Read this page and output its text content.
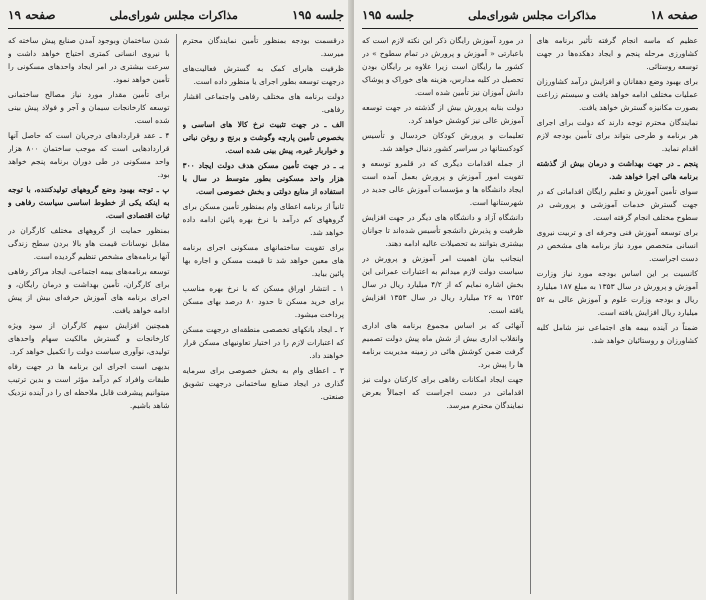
جلسه ۱۹۵
مذاکرات مجلس شورای‌ملی
صفحه ۱۹

درقسمت بودجه بمنظور تأمین نمایندگان محترم میرسد.

ظرفیت هابرای کمک به گسترش فعالیت‌های درجهت توسعه بطور اجرای یا منظور داده است.

دولت برنامه های مختلف رفاهی واجتماعی اقشار رفاهی.

الف ـ در جهت تثبیت نرخ کالا های اساسی و بخصوص تأمین پارچه وگوشت و برنج و روغن نباتی و خواربار غیره، پیش بینی شده است.

بـ ـ در جهت تأمین مسکن هدف دولت ایجاد ۳۰۰ هزار واحد مسکونی بطور متوسط در سال با استفاده از منابع دولتی و بخش خصوصی است.

ثانیاً از برنامه اعطای وام بمنظور تأمین مسکن برای گروههای کم درآمد با نرخ بهره پائین ادامه داده خواهد شد.

برای تقویت ساختمانهای مسکونی اجرای برنامه های معین خواهد شد تا قیمت مسکن و اجاره بها پائین بیاید.

۱ ـ انتشار اوراق مسکن که با نرخ بهره مناسب برای خرید مسکن تا حدود ۸۰ درصد بهای مسکن پرداخت میشود.

۲ ـ ایجاد بانکهای تخصصی منطقه‌ای درجهت مسکن که اعتبارات لازم را در اختیار تعاونیهای مسکن قرار خواهند داد.

۳ ـ اعطای وام به بخش خصوصی برای سرمایه گذاری در ایجاد صنایع ساختمانی درجهت تشویق صنعتی.

شدن ساختمان وبوجود آمدن صنایع پیش ساخته که با نیروی انسانی کمتری احتیاج خواهد داشت و سرعت بیشتری در امر ایجاد واحدهای مسکونی را تأمین خواهد نمود.

برای تأمین مقدار مورد نیاز مصالح ساختمانی توسعه کارخانجات سیمان و آجر و فولاد پیش بینی شده است.

۴ ـ عقد قراردادهای درجریان است که حاصل آنها قراردادهایی است که موجب ساختمان ۸۰۰ هزار واحد مسکونی در طی دوران برنامه پنجم خواهد بود.

پ ـ توجه بهبود وضع گروههای تولیدکننده، با توجه به اینکه یکی از خطوط اساسی سیاست رفاهی و ثبات اقتصادی است.

بمنظور حمایت از گروههای مختلف کارگران در مقابل نوسانات قیمت هاو بالا بردن سطح زندگی آنها برنامه‌های مشخص تنظیم گردیده است.

توسعه برنامه‌های بیمه اجتماعی، ایجاد مراکز رفاهی برای کارگران، تأمین بهداشت و درمان رایگان، و اجرای برنامه های آموزش حرفه‌ای بیش از پیش ادامه خواهد یافت.

همچنین افزایش سهم کارگران از سود ویژه کارخانجات و گسترش مالکیت سهام واحدهای تولیدی، نوآوری سیاست دولت را تکمیل خواهد کرد.

بدیهی است اجرای این برنامه ها در جهت رفاه طبقات وافراد کم درآمد مؤثر است و بدین ترتیب میتوانیم پیشرفت قابل ملاحظه ای را در آینده نزدیک شاهد باشیم.

صفحه ۱۸
مذاکرات مجلس شورای‌ملی
جلسه ۱۹۵

عظیم که ماسه انجام گرفته تأثیر برنامه های کشاورزی مرحله پنجم و ایجاد دهکده‌ها در جهت توسعه روستائی.

برای بهبود وضع دهقانان و افزایش درآمد کشاورزان عملیات مختلف ادامه خواهد یافت و سیستم زراعت بصورت مکانیزه گسترش خواهد یافت.

نمایندگان محترم توجه دارند که دولت برای اجرای هر برنامه و طرحی بتواند برای تأمین بودجه لازم اقدام نماید.

پنجم ـ در جهت بهداشت و درمان بیش از گذشته برنامه هائی اجرا خواهد شد.

سوای تأمین آموزش و تعلیم رایگان اقداماتی که در جهت گسترش خدمات آموزشی و پرورشی در سطوح مختلف انجام گرفته است.

برای توسعه آموزش فنی وحرفه ای و تربیت نیروی انسانی متخصص مورد نیاز برنامه های مشخص در دست اجراست.

کانسیت بر این اساس بودجه مورد نیاز وزارت آموزش و پرورش در سال ۱۳۵۳ به مبلغ ۱۸۷ میلیارد ریال و بودجه وزارت علوم و آموزش عالی به ۵۲ میلیارد ریال افزایش یافته است.

ضمناً در آینده بیمه های اجتماعی نیز شامل کلیه کشاورزان و روستائیان خواهد شد.

در مورد آموزش رایگان ذکر این نکته لازم است که باعبارتی « آموزش و پرورش در تمام سطوح » در کشور ما رایگان است زیرا علاوه بر رایگان بودن تحصیل در کلیه مدارس، هزینه های خوراک و پوشاک دانش آموزان نیز تأمین شده است.

دولت بنابه پرورش بیش از گذشته در جهت توسعه آموزش عالی نیز کوشش خواهد کرد.

تعلیمات و پرورش کودکان خردسال و تأسیس کودکستانها در سراسر کشور دنبال خواهد شد.

از جمله اقدامات دیگری که در قلمرو توسعه و تقویت امور آموزش و پرورش بعمل آمده است ایجاد دانشگاه ها و مؤسسات آموزش عالی جدید در شهرستانها است.

دانشگاه آزاد و دانشگاه های دیگر در جهت افزایش ظرفیت و پذیرش دانشجو تأسیس شده‌اند تا جوانان بیشتری بتوانند به تحصیلات عالیه ادامه دهند.

اینجانب بیان اهمیت امر آموزش و پرورش در سیاست دولت لازم میدانم به اعتبارات عمرانی این بخش اشاره نمایم که از ۴/۲ میلیارد ریال در سال ۱۳۵۲ به ۲۶ میلیارد ریال در سال ۱۳۵۳ افزایش یافته است.

آنهائی که بر اساس مجموع برنامه های اداری وانقلاب اداری بیش از شش ماه پیش دولت تصمیم گرفت ضمن کوشش هائی در زمینه مدیریت برنامه ها را پیش برد.

جهت ایجاد امکانات رفاهی برای کارکنان دولت نیز اقداماتی در دست اجراست که اجمالاً بعرض نمایندگان محترم میرسد.
